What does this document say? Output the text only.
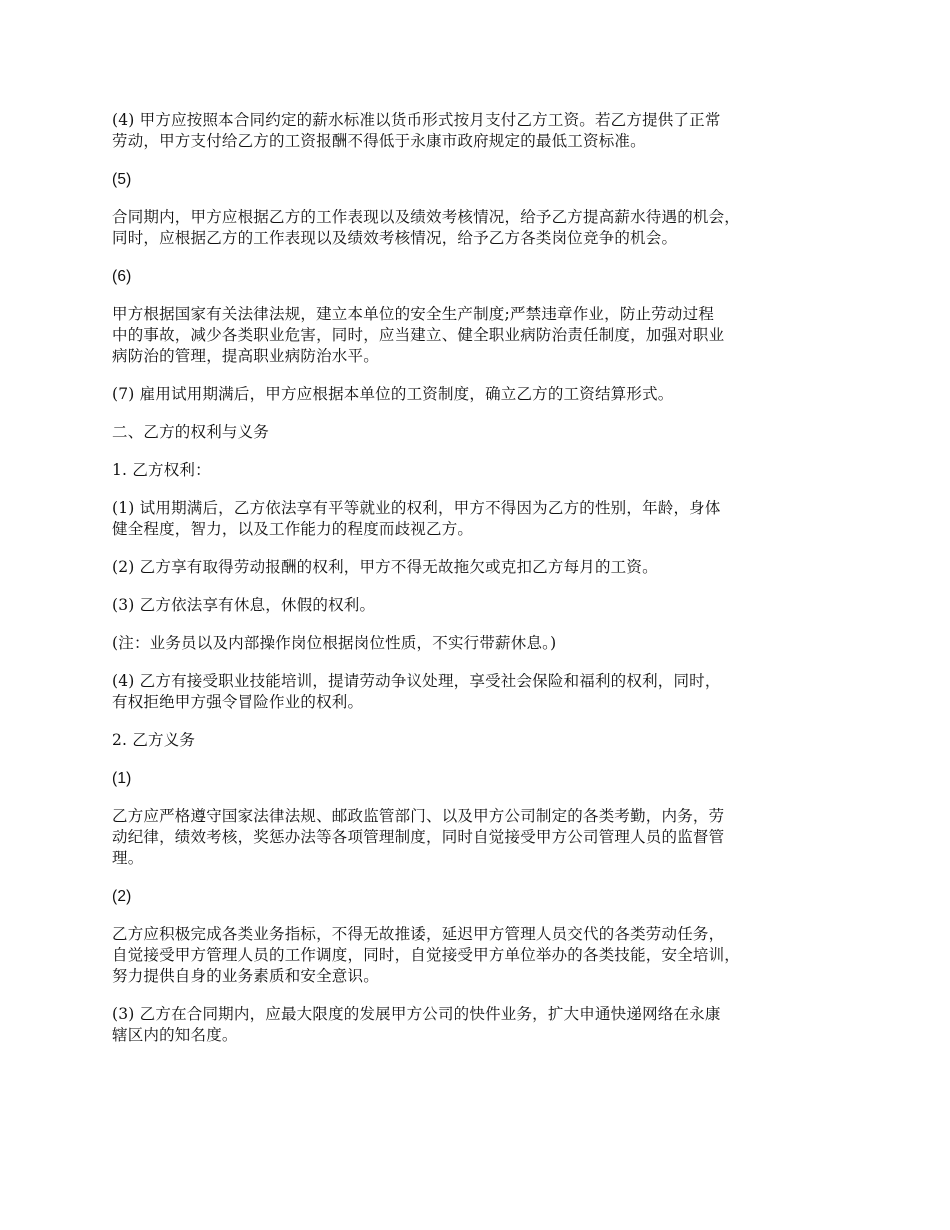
(4) 甲方应按照本合同约定的薪水标准以货币形式按月支付乙方工资。若乙方提供了正常
劳动，甲方支付给乙方的工资报酬不得低于永康市政府规定的最低工资标准。
(5)
合同期内，甲方应根据乙方的工作表现以及绩效考核情况，给予乙方提高薪水待遇的机会，
同时，应根据乙方的工作表现以及绩效考核情况，给予乙方各类岗位竞争的机会。
(6)
甲方根据国家有关法律法规，建立本单位的安全生产制度;严禁违章作业，防止劳动过程
中的事故，减少各类职业危害，同时，应当建立、健全职业病防治责任制度，加强对职业
病防治的管理，提高职业病防治水平。
(7) 雇用试用期满后，甲方应根据本单位的工资制度，确立乙方的工资结算形式。
二、乙方的权利与义务
1. 乙方权利：
(1) 试用期满后，乙方依法享有平等就业的权利，甲方不得因为乙方的性别，年龄，身体
健全程度，智力，以及工作能力的程度而歧视乙方。
(2) 乙方享有取得劳动报酬的权利，甲方不得无故拖欠或克扣乙方每月的工资。
(3) 乙方依法享有休息，休假的权利。
(注：业务员以及内部操作岗位根据岗位性质，不实行带薪休息。)
(4) 乙方有接受职业技能培训，提请劳动争议处理，享受社会保险和福利的权利，同时，
有权拒绝甲方强令冒险作业的权利。
2. 乙方义务
(1)
乙方应严格遵守国家法律法规、邮政监管部门、以及甲方公司制定的各类考勤，内务，劳
动纪律，绩效考核，奖惩办法等各项管理制度，同时自觉接受甲方公司管理人员的监督管
理。
(2)
乙方应积极完成各类业务指标，不得无故推诿，延迟甲方管理人员交代的各类劳动任务，
自觉接受甲方管理人员的工作调度，同时，自觉接受甲方单位举办的各类技能，安全培训，
努力提供自身的业务素质和安全意识。
(3) 乙方在合同期内，应最大限度的发展甲方公司的快件业务，扩大申通快递网络在永康
辖区内的知名度。
